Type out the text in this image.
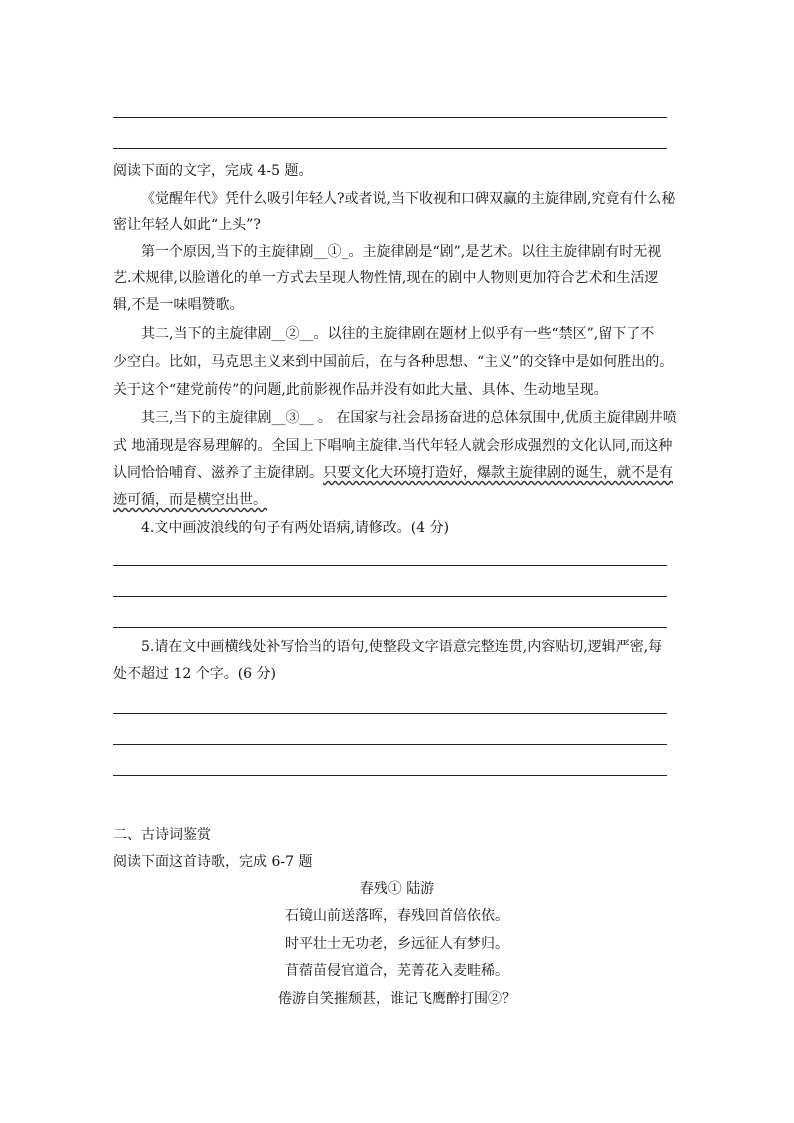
阅读下面的文字，完成 4-5 题。
《觉醒年代》凭什么吸引年轻人?或者说,当下收视和口碑双赢的主旋律剧,究竟有什么秘
密让年轻人如此“上头”?
第一个原因,当下的主旋律剧__①_。主旋律剧是“剧”,是艺术。以往主旋律剧有时无视
艺.术规律,以脸谱化的单一方式去呈现人物性情,现在的剧中人物则更加符合艺术和生活逻
辑,不是一味唱赞歌。
其二,当下的主旋律剧__②__。以往的主旋律剧在题材上似乎有一些“禁区”,留下了不
少空白。比如，马克思主义来到中国前后，在与各种思想、“主义”的交锋中是如何胜出的。
关于这个“建党前传”的问题,此前影视作品并没有如此大量、具体、生动地呈现。
其三,当下的主旋律剧__③__ 。 在国家与社会昂扬奋进的总体氛围中,优质主旋律剧井喷
式 地涌现是容易理解的。全国上下唱响主旋律.当代年轻人就会形成强烈的文化认同,而这种
认同恰恰哺育、滋养了主旋律剧。只要文化大环境打造好，爆款主旋律剧的诞生，就不是有
迹可循，而是横空出世。
4.文中画波浪线的句子有两处语病,请修改。(4 分)
5.请在文中画横线处补写恰当的语句,使整段文字语意完整连贯,内容贴切,逻辑严密,每
处不超过 12 个字。(6 分)
二、古诗词鉴赏
阅读下面这首诗歌，完成 6-7 题
春残① 陆游
石镜山前送落晖，春残回首倍依依。
时平壮士无功老，乡远征人有梦归。
苜蓿苗侵官道合，芜菁花入麦畦稀。
倦游自笑摧颓甚，谁记飞鹰醉打围②？
